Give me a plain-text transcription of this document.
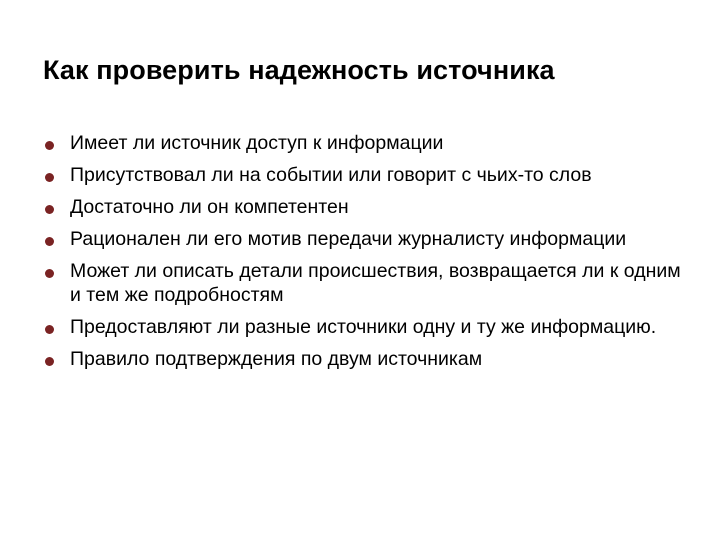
Как проверить надежность источника
Имеет ли источник доступ к информации
Присутствовал ли на событии или говорит с чьих-то слов
Достаточно ли он компетентен
Рационален ли его мотив передачи журналисту информации
Может ли описать детали происшествия, возвращается ли к одним и тем же подробностям
Предоставляют ли разные источники одну и ту же информацию.
Правило подтверждения по двум источникам
